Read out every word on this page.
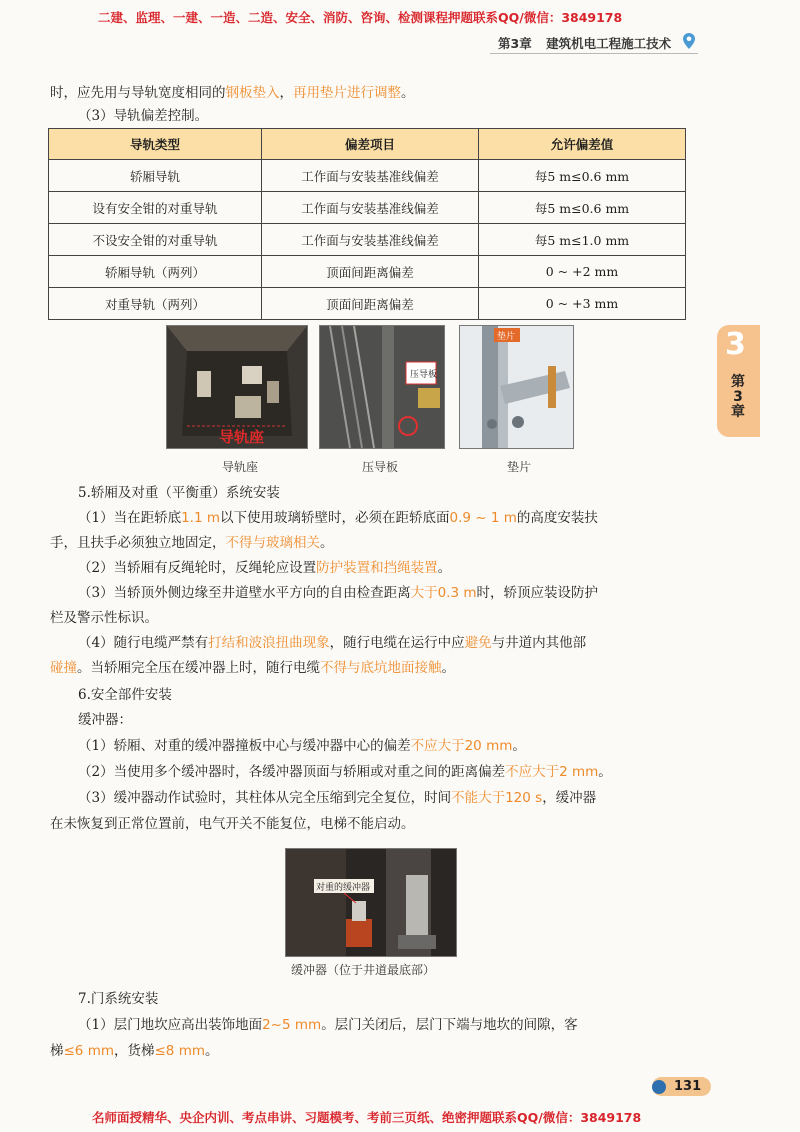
二建、监理、一建、一造、二造、安全、消防、咨询、检测课程押题联系QQ/微信：3849178
第3章 建筑机电工程施工技术
3
第
3
章
时，应先用与导轨宽度相同的钢板垫入，再用垫片进行调整。
（3）导轨偏差控制。
导轨类型	偏差项目	允许偏差值
轿厢导轨	工作面与安装基准线偏差	每5 m≤0.6 mm
设有安全钳的对重导轨	工作面与安装基准线偏差	每5 m≤0.6 mm
不设安全钳的对重导轨	工作面与安装基准线偏差	每5 m≤1.0 mm
轿厢导轨（两列）	顶面间距离偏差	0 ~ +2 mm
对重导轨（两列）	顶面间距离偏差	0 ~ +3 mm
导轨座
导轨座
压导板
压导板
垫片
垫片
5.轿厢及对重（平衡重）系统安装
（1）当在距轿底1.1 m以下使用玻璃轿壁时，必须在距轿底面0.9 ~ 1 m的高度安装扶
手，且扶手必须独立地固定，不得与玻璃相关。
（2）当轿厢有反绳轮时，反绳轮应设置防护装置和挡绳装置。
（3）当轿顶外侧边缘至井道壁水平方向的自由检查距离大于0.3 m时，轿顶应装设防护
栏及警示性标识。
（4）随行电缆严禁有打结和波浪扭曲现象，随行电缆在运行中应避免与井道内其他部
碰撞。当轿厢完全压在缓冲器上时，随行电缆不得与底坑地面接触。
6.安全部件安装
缓冲器：
（1）轿厢、对重的缓冲器撞板中心与缓冲器中心的偏差不应大于20 mm。
（2）当使用多个缓冲器时，各缓冲器顶面与轿厢或对重之间的距离偏差不应大于2 mm。
（3）缓冲器动作试验时，其柱体从完全压缩到完全复位，时间不能大于120 s，缓冲器
在未恢复到正常位置前，电气开关不能复位，电梯不能启动。
对重的缓冲器
缓冲器（位于井道最底部）
7.门系统安装
（1）层门地坎应高出装饰地面2~5 mm。层门关闭后，层门下端与地坎的间隙，客
梯≤6 mm，货梯≤8 mm。
131
名师面授精华、央企内训、考点串讲、习题模考、考前三页纸、绝密押题联系QQ/微信：3849178
